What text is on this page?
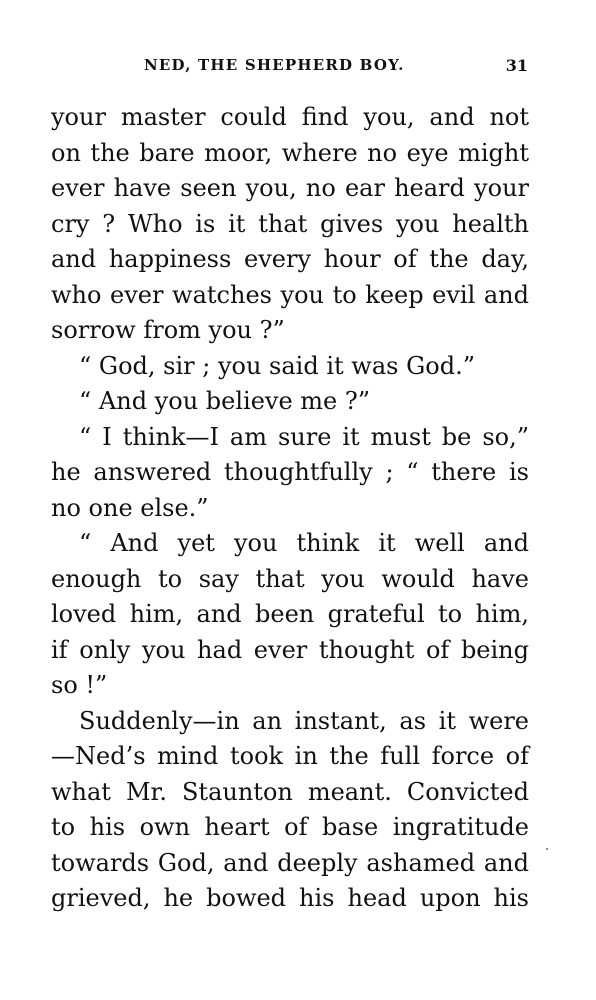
NED, THE SHEPHERD BOY.	31
your master could find you, and not
on the bare moor, where no eye might
ever have seen you, no ear heard your
cry ? Who is it that gives you health
and happiness every hour of the day,
who ever watches you to keep evil and
sorrow from you ?”
“ God, sir ; you said it was God.”
“ And you believe me ?”
“ I think—I am sure it must be so,”
he answered thoughtfully ; “ there is
no one else.”
“ And yet you think it well and
enough to say that you would have
loved him, and been grateful to him,
if only you had ever thought of being
so !”
Suddenly—in an instant, as it were
—Ned’s mind took in the full force of
what Mr. Staunton meant. Convicted
to his own heart of base ingratitude
towards God, and deeply ashamed and
grieved, he bowed his head upon his
